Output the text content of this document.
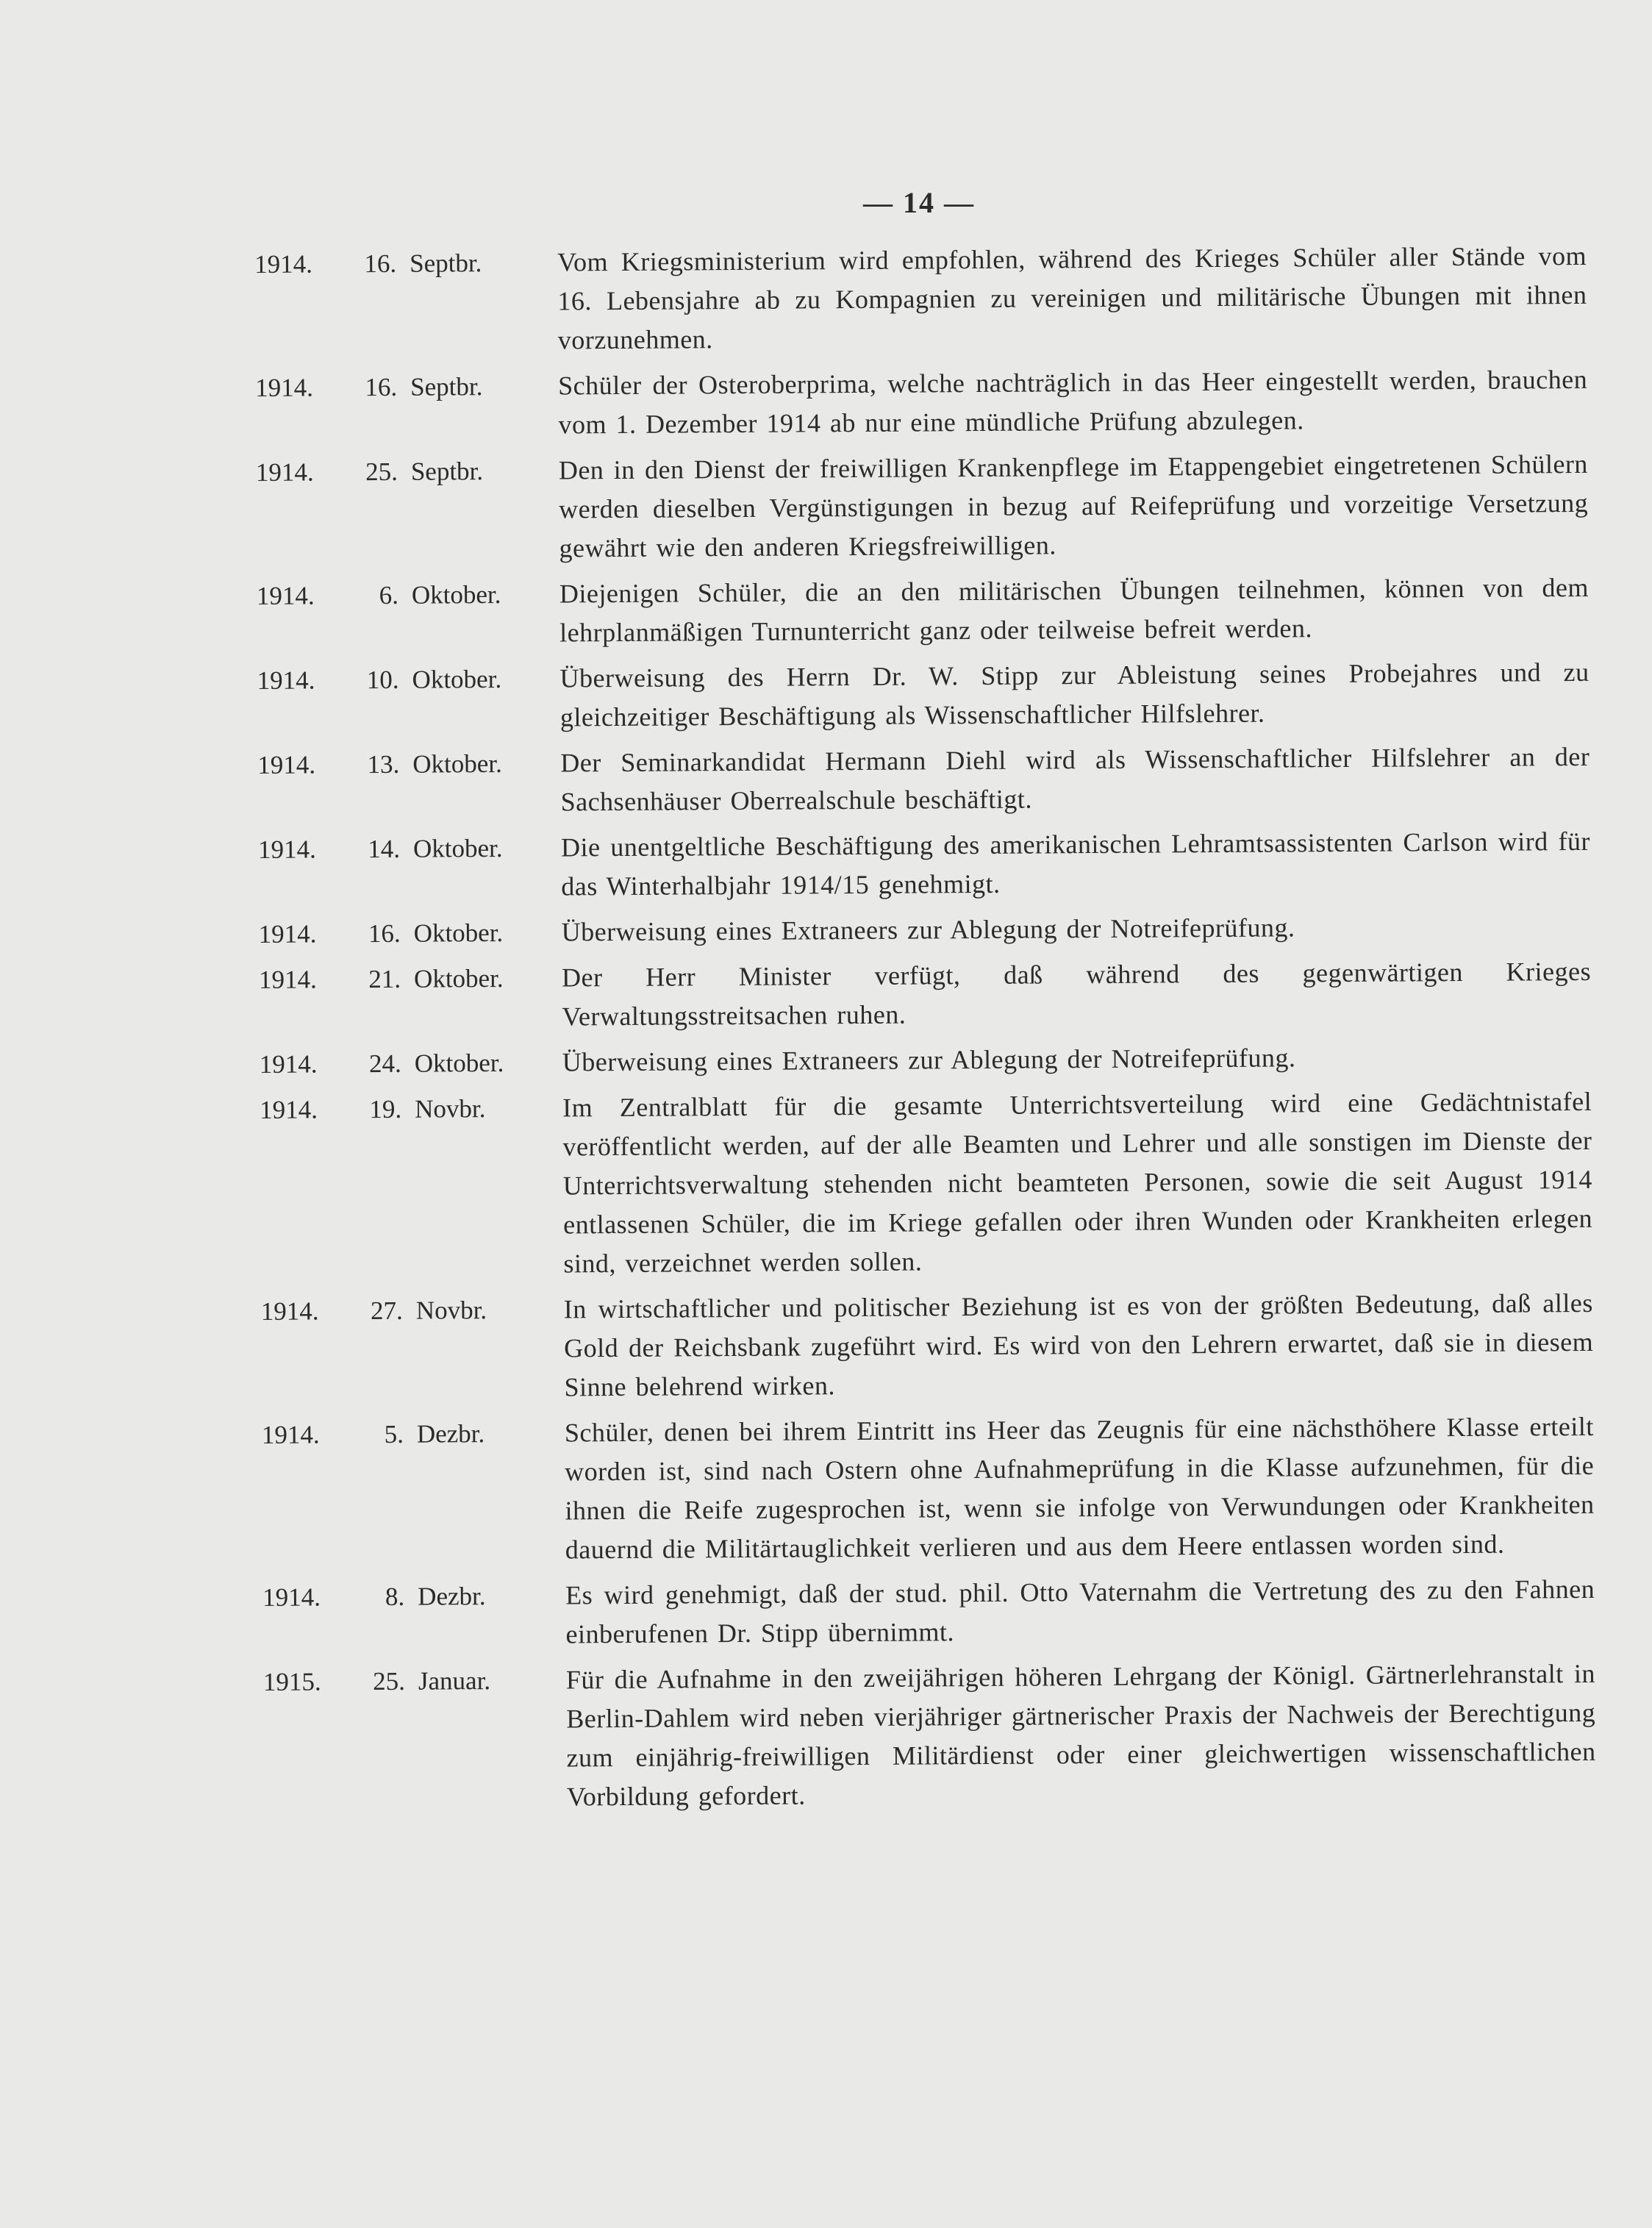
— 14 —
1914.	16. Septbr.	Vom Kriegsministerium wird empfohlen, während des Krieges Schüler aller Stände vom 16. Lebensjahre ab zu Kompagnien zu vereinigen und militärische Übungen mit ihnen vorzunehmen.
1914.	16. Septbr.	Schüler der Osteroberprima, welche nachträglich in das Heer eingestellt werden, brauchen vom 1. Dezember 1914 ab nur eine mündliche Prüfung abzulegen.
1914.	25. Septbr.	Den in den Dienst der freiwilligen Krankenpflege im Etappengebiet eingetretenen Schülern werden dieselben Vergünstigungen in bezug auf Reifeprüfung und vorzeitige Versetzung gewährt wie den anderen Kriegsfreiwilligen.
1914.	6. Oktober.	Diejenigen Schüler, die an den militärischen Übungen teilnehmen, können von dem lehrplanmäßigen Turnunterricht ganz oder teilweise befreit werden.
1914.	10. Oktober.	Überweisung des Herrn Dr. W. Stipp zur Ableistung seines Probejahres und zu gleichzeitiger Beschäftigung als Wissenschaftlicher Hilfslehrer.
1914.	13. Oktober.	Der Seminarkandidat Hermann Diehl wird als Wissenschaftlicher Hilfslehrer an der Sachsenhäuser Oberrealschule beschäftigt.
1914.	14. Oktober.	Die unentgeltliche Beschäftigung des amerikanischen Lehramtsassistenten Carlson wird für das Winterhalbjahr 1914/15 genehmigt.
1914.	16. Oktober.	Überweisung eines Extraneers zur Ablegung der Notreifeprüfung.
1914.	21. Oktober.	Der Herr Minister verfügt, daß während des gegenwärtigen Krieges Verwaltungsstreitsachen ruhen.
1914.	24. Oktober.	Überweisung eines Extraneers zur Ablegung der Notreifeprüfung.
1914.	19. Novbr.	Im Zentralblatt für die gesamte Unterrichtsverteilung wird eine Gedächtnistafel veröffentlicht werden, auf der alle Beamten und Lehrer und alle sonstigen im Dienste der Unterrichtsverwaltung stehenden nicht beamteten Personen, sowie die seit August 1914 entlassenen Schüler, die im Kriege gefallen oder ihren Wunden oder Krankheiten erlegen sind, verzeichnet werden sollen.
1914.	27. Novbr.	In wirtschaftlicher und politischer Beziehung ist es von der größten Bedeutung, daß alles Gold der Reichsbank zugeführt wird. Es wird von den Lehrern erwartet, daß sie in diesem Sinne belehrend wirken.
1914.	5. Dezbr.	Schüler, denen bei ihrem Eintritt ins Heer das Zeugnis für eine nächsthöhere Klasse erteilt worden ist, sind nach Ostern ohne Aufnahmeprüfung in die Klasse aufzunehmen, für die ihnen die Reife zugesprochen ist, wenn sie infolge von Verwundungen oder Krankheiten dauernd die Militärtauglichkeit verlieren und aus dem Heere entlassen worden sind.
1914.	8. Dezbr.	Es wird genehmigt, daß der stud. phil. Otto Vaternahm die Vertretung des zu den Fahnen einberufenen Dr. Stipp übernimmt.
1915.	25. Januar.	Für die Aufnahme in den zweijährigen höheren Lehrgang der Königl. Gärtnerlehranstalt in Berlin-Dahlem wird neben vierjähriger gärtnerischer Praxis der Nachweis der Berechtigung zum einjährig-freiwilligen Militärdienst oder einer gleichwertigen wissenschaftlichen Vorbildung gefordert.
